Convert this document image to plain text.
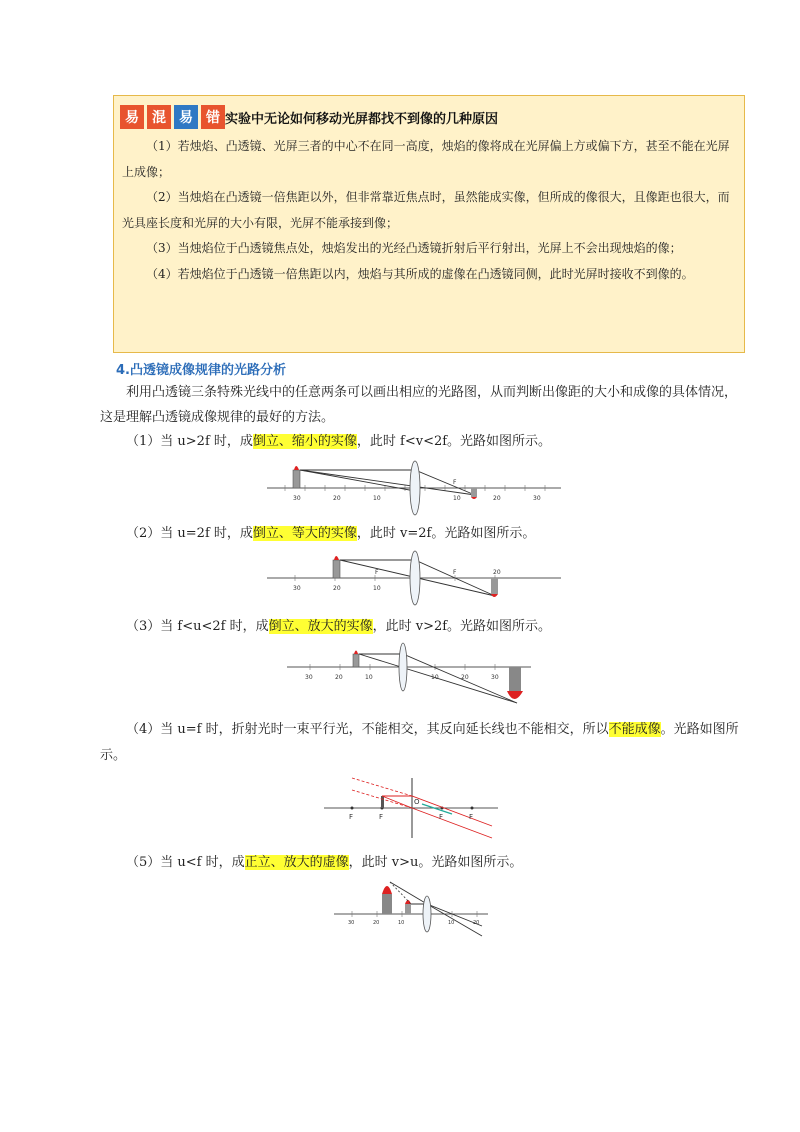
易 混 易 错 实验中无论如何移动光屏都找不到像的几种原因

（1）若烛焰、凸透镜、光屏三者的中心不在同一高度，烛焰的像将成在光屏偏上方或偏下方，甚至不能在光屏上成像；

（2）当烛焰在凸透镜一倍焦距以外，但非常靠近焦点时，虽然能成实像，但所成的像很大，且像距也很大，而光具座长度和光屏的大小有限，光屏不能承接到像；

（3）当烛焰位于凸透镜焦点处，烛焰发出的光经凸透镜折射后平行射出，光屏上不会出现烛焰的像；

（4）若烛焰位于凸透镜一倍焦距以内，烛焰与其所成的虚像在凸透镜同侧，此时光屏时接收不到像的。

4.凸透镜成像规律的光路分析
利用凸透镜三条特殊光线中的任意两条可以画出相应的光路图，从而判断出像距的大小和成像的具体情况，这是理解凸透镜成像规律的最好的方法。
（1）当 u>2f 时，成倒立、缩小的实像，此时 f<v<2f。光路如图所示。
30	20	10
F
10	20	30
（2）当 u=2f 时，成倒立、等大的实像，此时 v=2f。光路如图所示。
30	20	10
F	F	20
（3）当 f<u<2f 时，成倒立、放大的实像，此时 v>2f。光路如图所示。
30	20	10	10	20	30
（4）当 u=f 时，折射光时一束平行光，不能相交，其反向延长线也不能相交，所以不能成像。光路如图所示。
F	F
O
F	F
（5）当 u<f 时，成正立、放大的虚像，此时 v>u。光路如图所示。
30	20	10	10	20
